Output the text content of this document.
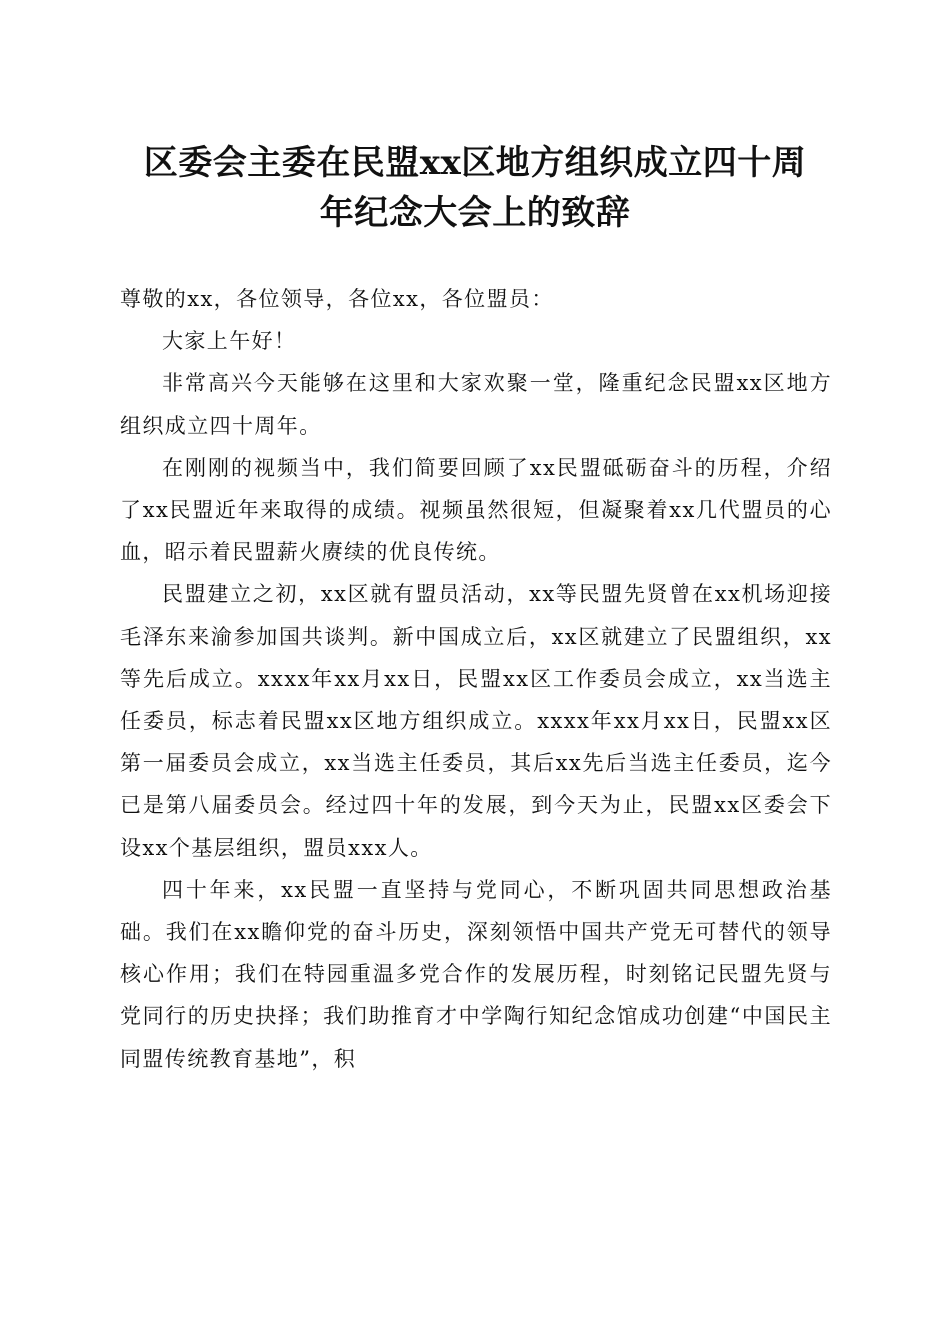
区委会主委在民盟xx区地方组织成立四十周
年纪念大会上的致辞

尊敬的xx，各位领导，各位xx，各位盟员：

大家上午好！

非常高兴今天能够在这里和大家欢聚一堂，隆重纪念民盟xx区地方组织成立四十周年。

在刚刚的视频当中，我们简要回顾了xx民盟砥砺奋斗的历程，介绍了xx民盟近年来取得的成绩。视频虽然很短，但凝聚着xx几代盟员的心血，昭示着民盟薪火赓续的优良传统。

民盟建立之初，xx区就有盟员活动，xx等民盟先贤曾在xx机场迎接毛泽东来渝参加国共谈判。新中国成立后，xx区就建立了民盟组织，xx等先后成立。xxxx年xx月xx日，民盟xx区工作委员会成立，xx当选主任委员，标志着民盟xx区地方组织成立。xxxx年xx月xx日，民盟xx区第一届委员会成立，xx当选主任委员，其后xx先后当选主任委员，迄今已是第八届委员会。经过四十年的发展，到今天为止，民盟xx区委会下设xx个基层组织，盟员xxx人。

四十年来，xx民盟一直坚持与党同心，不断巩固共同思想政治基础。我们在xx瞻仰党的奋斗历史，深刻领悟中国共产党无可替代的领导核心作用；我们在特园重温多党合作的发展历程，时刻铭记民盟先贤与党同行的历史抉择；我们助推育才中学陶行知纪念馆成功创建“中国民主同盟传统教育基地”，积
